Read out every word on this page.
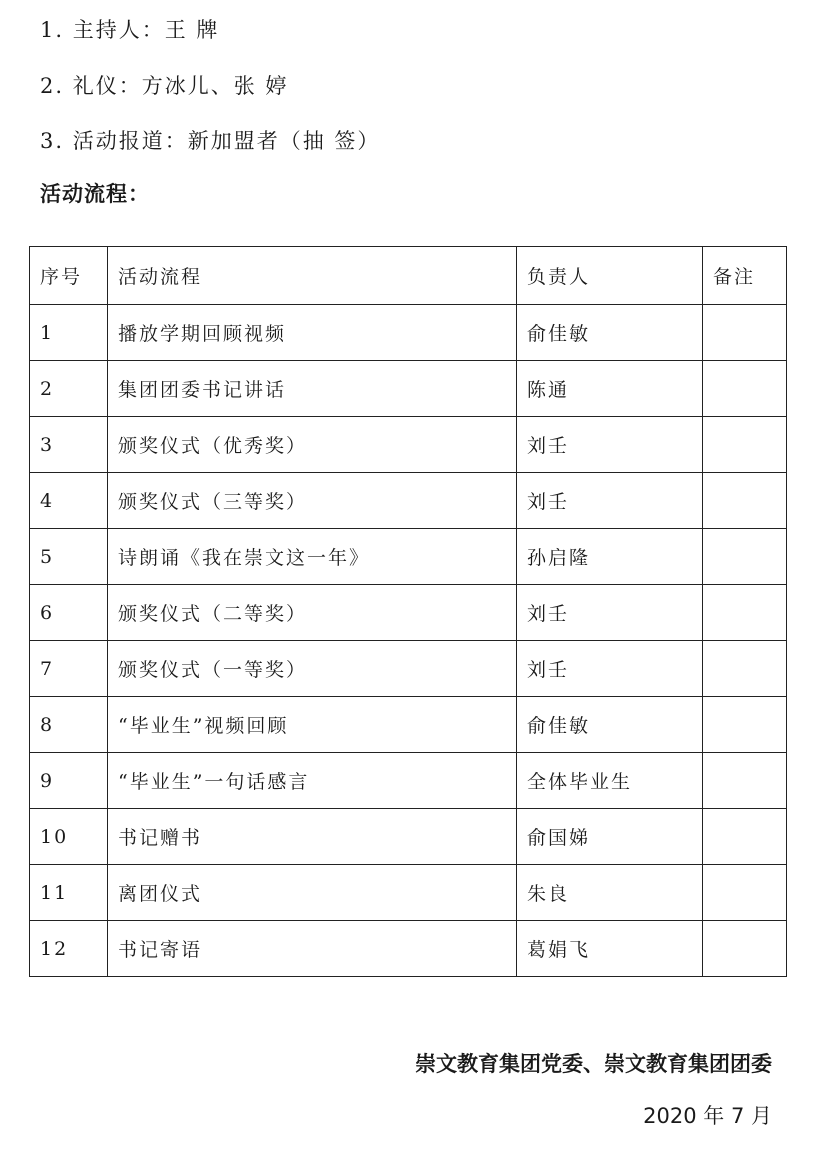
1. 主持人：王 牌
2. 礼仪：方冰儿、张 婷
3. 活动报道：新加盟者（抽 签）
活动流程：
序号	活动流程	负责人	备注
1	播放学期回顾视频	俞佳敏	
2	集团团委书记讲话	陈通	
3	颁奖仪式（优秀奖）	刘壬	
4	颁奖仪式（三等奖）	刘壬	
5	诗朗诵《我在崇文这一年》	孙启隆	
6	颁奖仪式（二等奖）	刘壬	
7	颁奖仪式（一等奖）	刘壬	
8	“毕业生”视频回顾	俞佳敏	
9	“毕业生”一句话感言	全体毕业生	
10	书记赠书	俞国娣	
11	离团仪式	朱良	
12	书记寄语	葛娟飞	
崇文教育集团党委、崇文教育集团团委
2020 年 7 月
